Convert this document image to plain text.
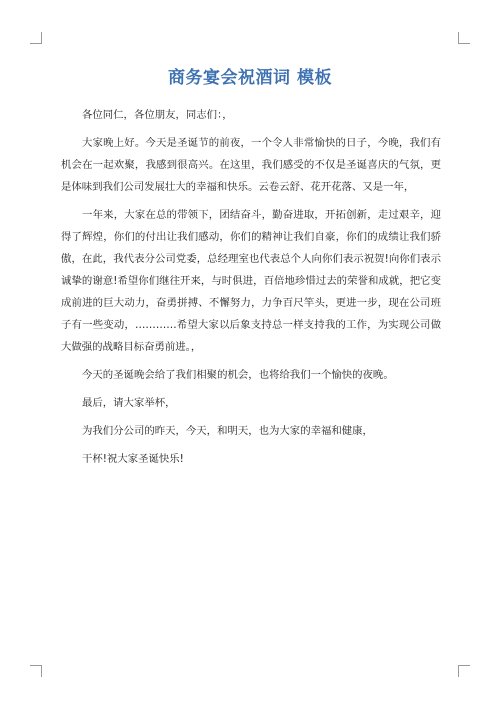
商务宴会祝酒词 模板

各位同仁，各位朋友，同志们：，

大家晚上好。今天是圣诞节的前夜，一个令人非常愉快的日子，今晚，我们有机会在一起欢聚，我感到很高兴。在这里，我们感受的不仅是圣诞喜庆的气氛，更是体味到我们公司发展壮大的幸福和快乐。云卷云舒、花开花落、又是一年，

一年来，大家在总的带领下，团结奋斗，勤奋进取，开拓创新，走过艰辛，迎得了辉煌，你们的付出让我们感动，你们的精神让我们自豪，你们的成绩让我们骄傲，在此，我代表分公司党委，总经理室也代表总个人向你们表示祝贺!向你们表示诚挚的谢意!希望你们继往开来，与时俱进，百倍地珍惜过去的荣誉和成就，把它变成前进的巨大动力，奋勇拼搏、不懈努力，力争百尺竿头，更进一步，现在公司班子有一些变动，…………希望大家以后象支持总一样支持我的工作，为实现公司做大做强的战略目标奋勇前进。，

今天的圣诞晚会给了我们相聚的机会，也将给我们一个愉快的夜晚。

最后，请大家举杯，

为我们分公司的昨天，今天，和明天，也为大家的幸福和健康，

干杯!祝大家圣诞快乐!
